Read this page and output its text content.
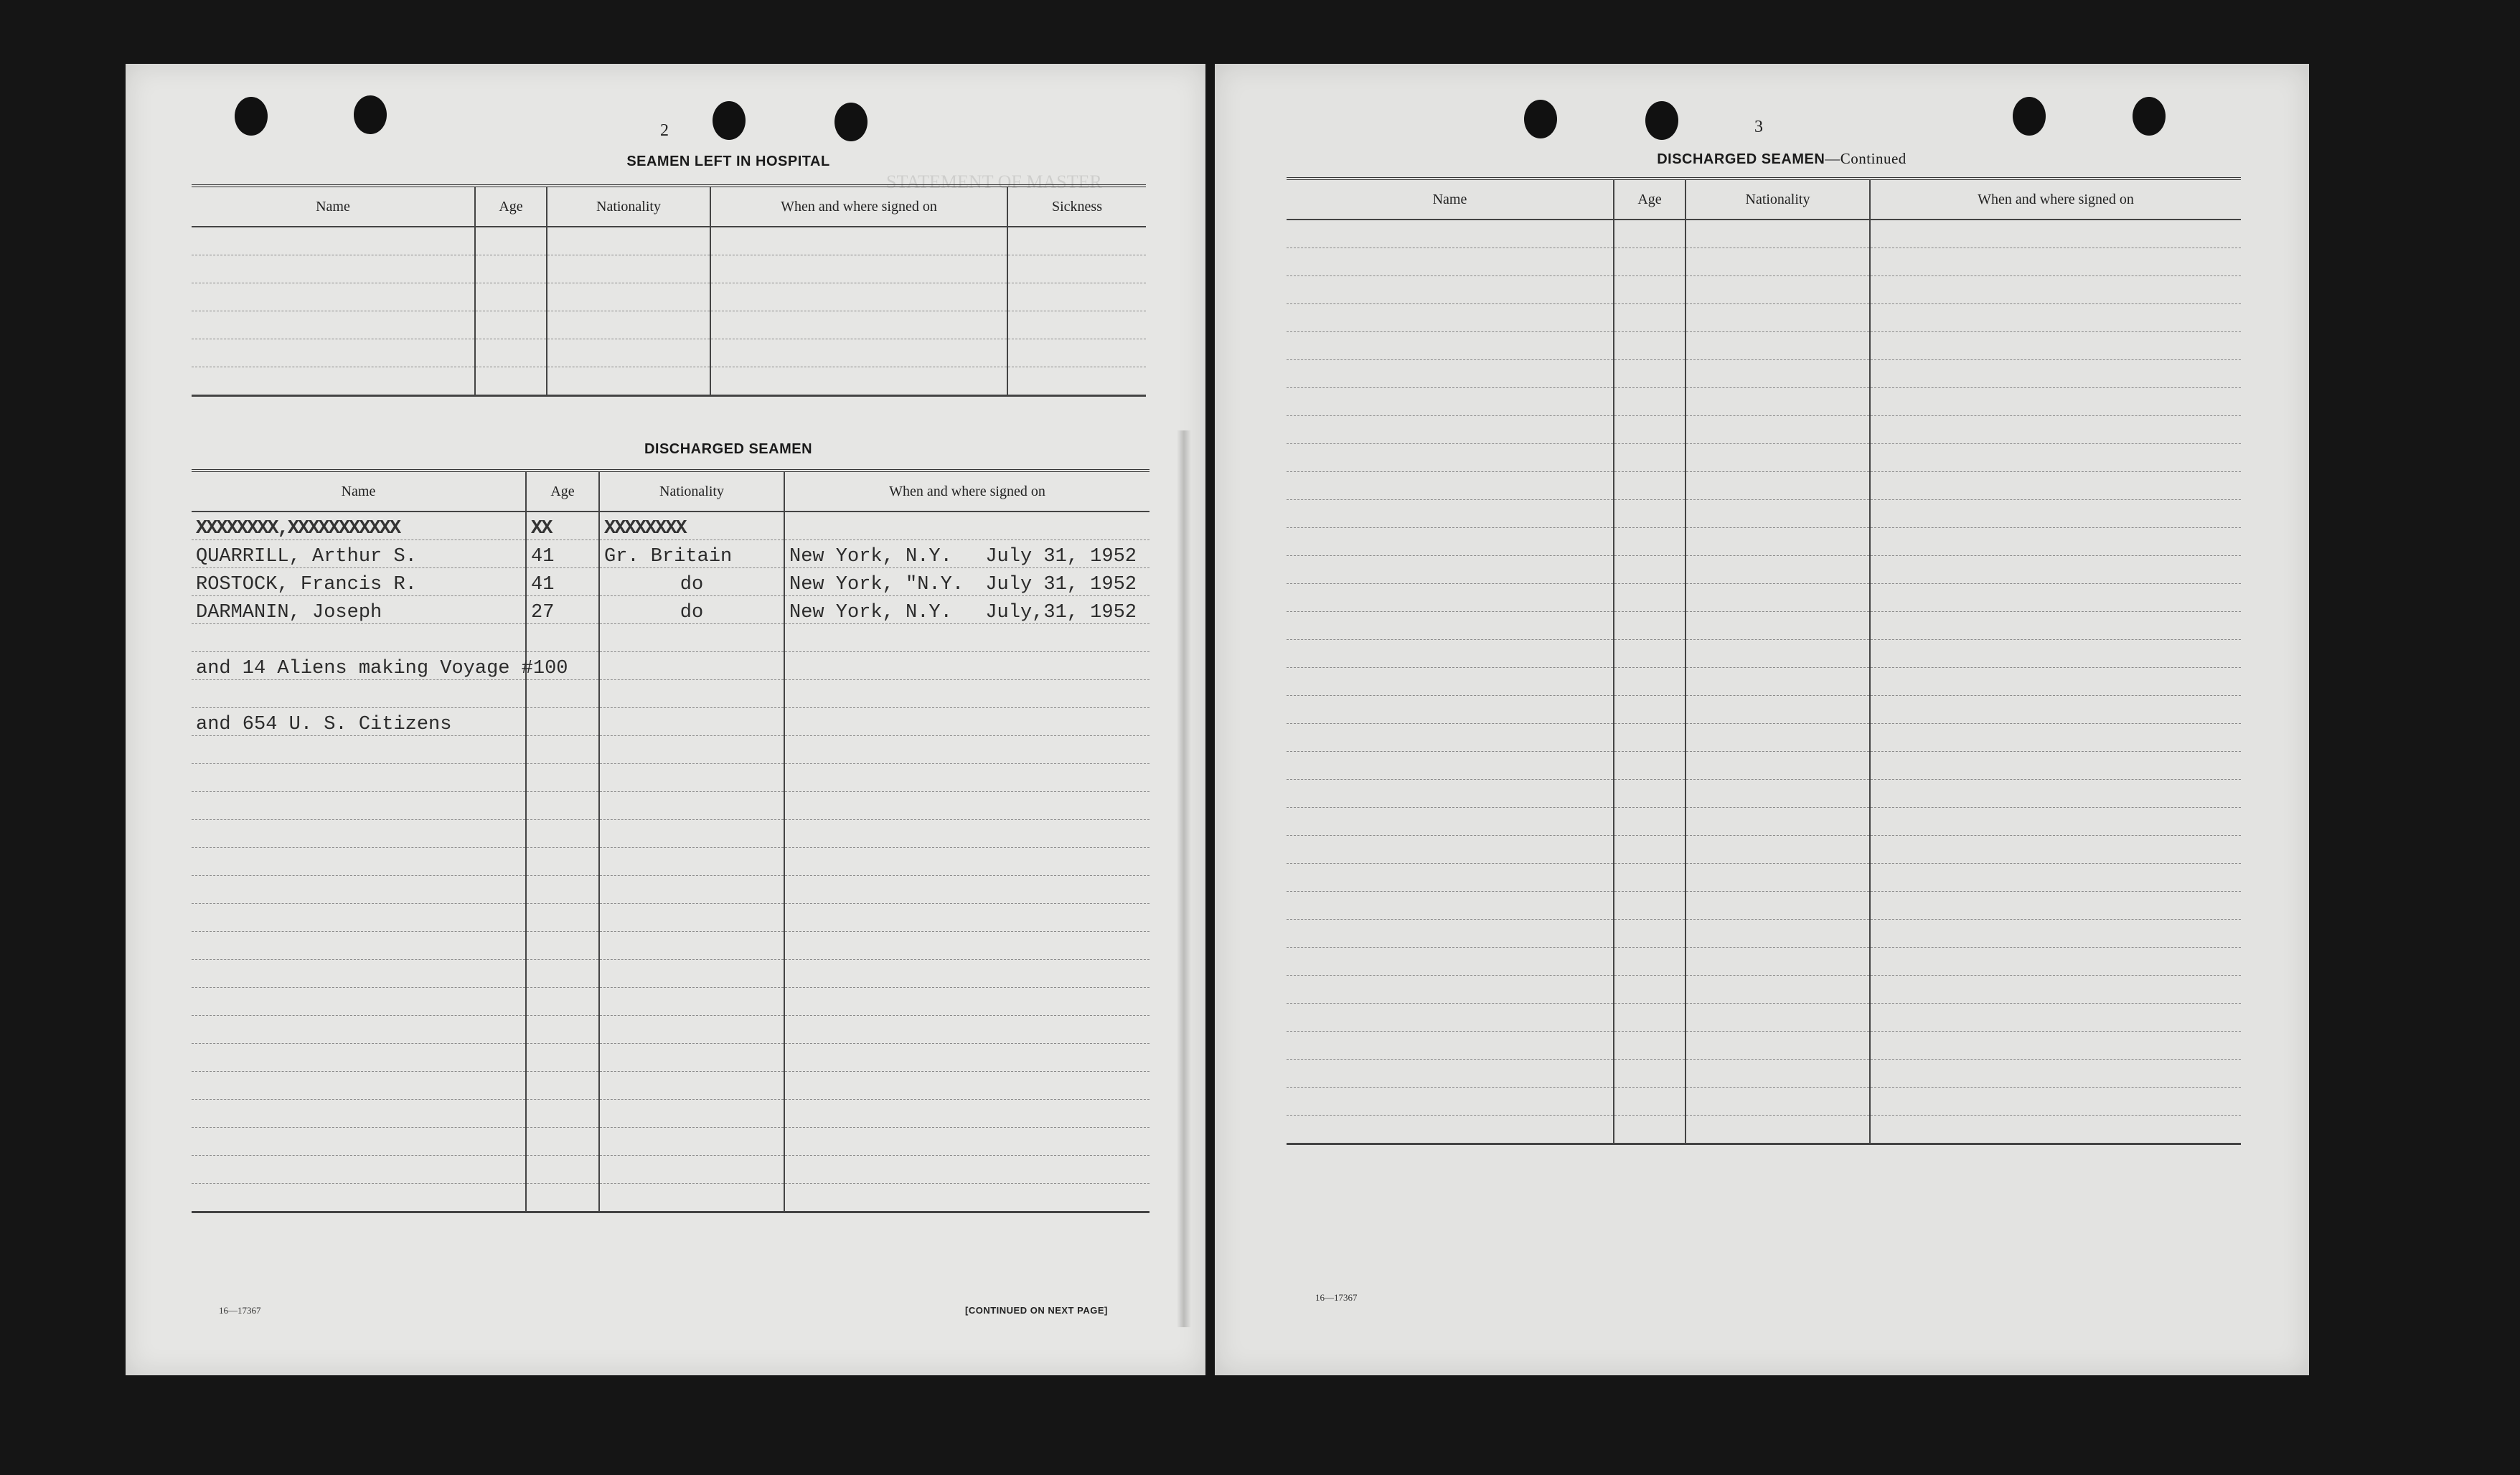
STATEMENT OF MASTER
2
SEAMEN LEFT IN HOSPITAL
Name	Age	Nationality	When and where signed on	Sickness

DISCHARGED SEAMEN
Name	Age	Nationality	When and where signed on
XXXXXXXX,XXXXXXXXXXX	XX	XXXXXXXX	

QUARRILL, Arthur S.	41	Gr. Britain	New York, N.Y. July 31, 1952

ROSTOCK, Francis R.	41	do	New York, "N.Y. July 31, 1952

DARMANIN, Joseph	27	do	New York, N.Y. July,31, 1952

and 14 Aliens making Voyage #100			

and 654 U. S. Citizens			

16—17367	[CONTINUED ON NEXT PAGE]
3
DISCHARGED SEAMEN—Continued
Name	Age	Nationality	When and where signed on

16—17367
